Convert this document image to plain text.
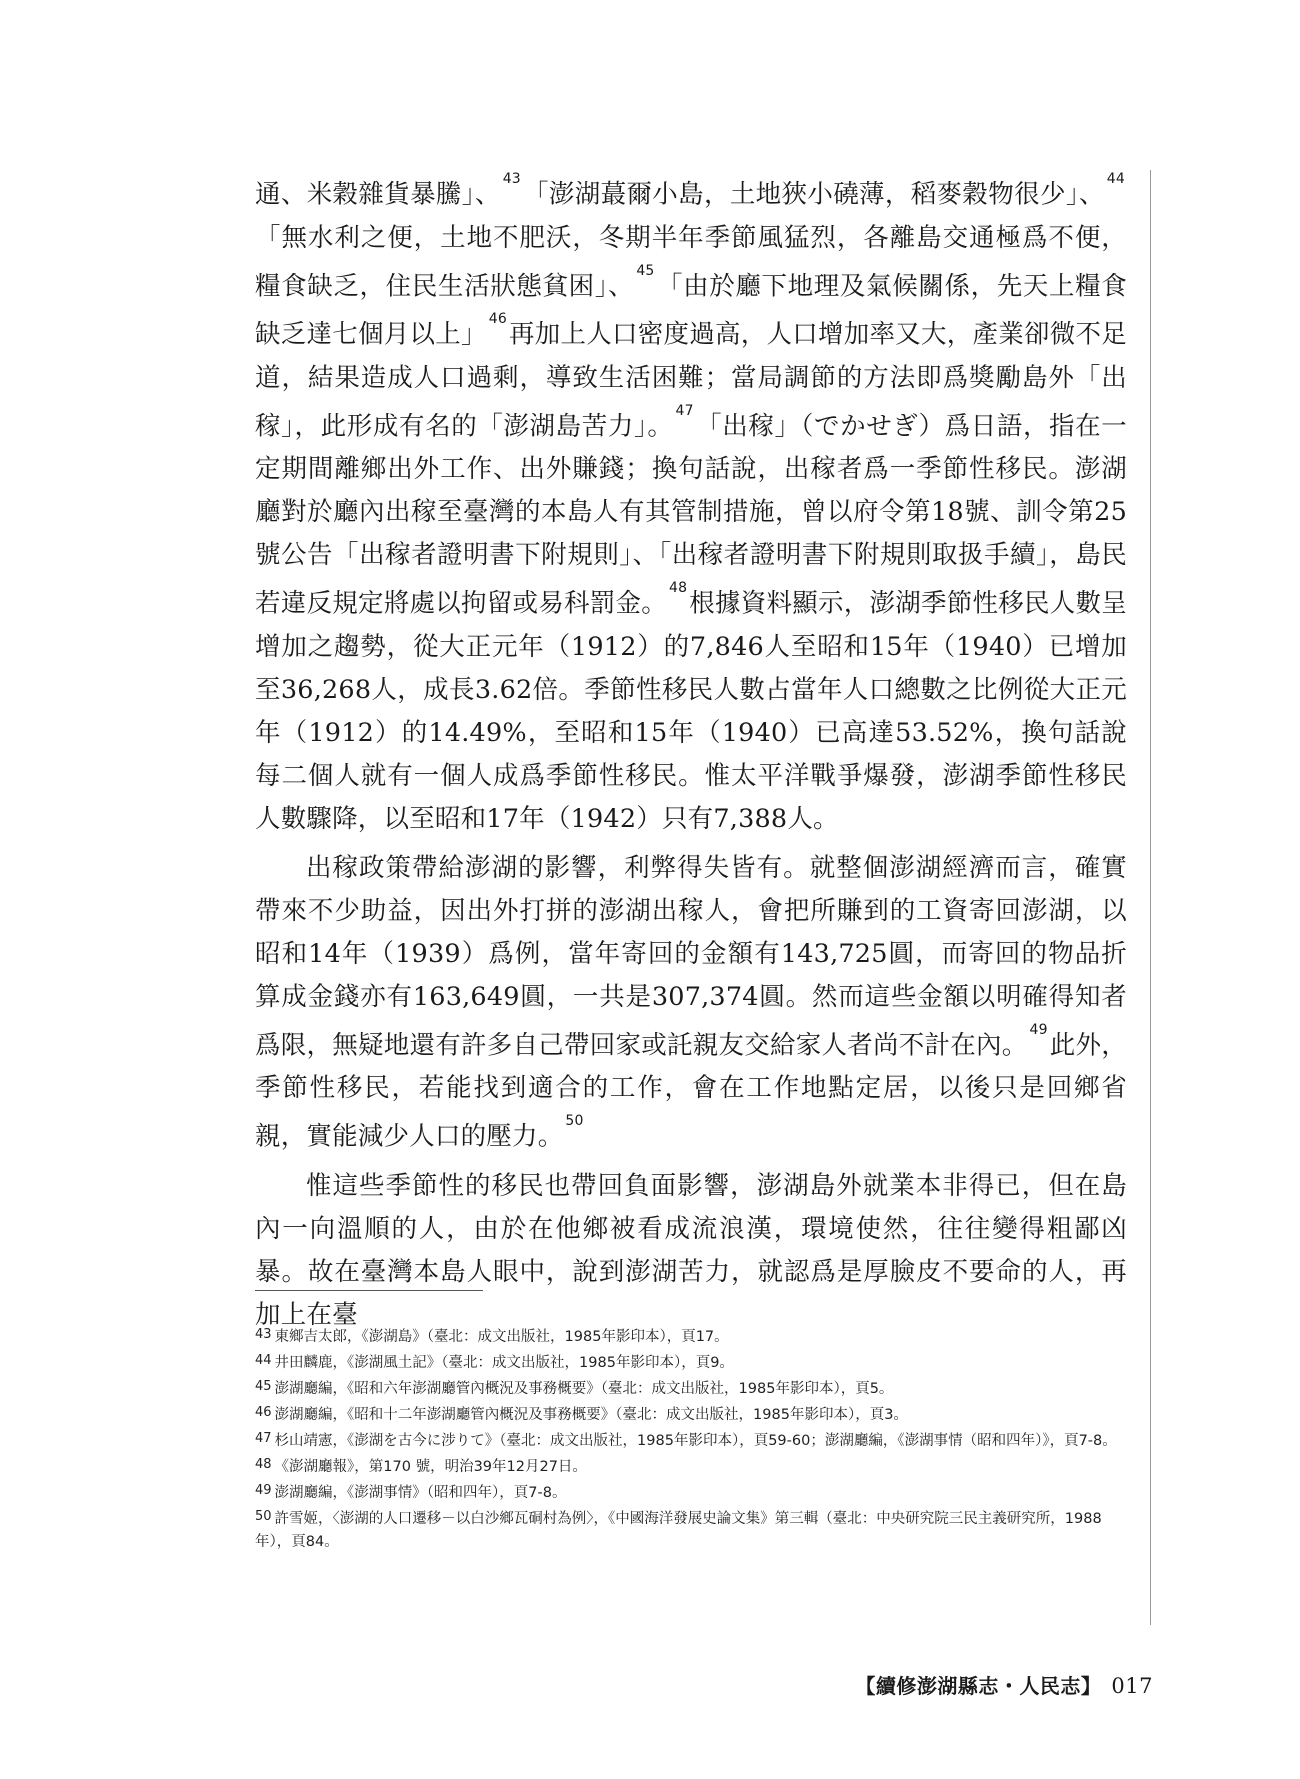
通、米穀雜貨暴騰」、$^{43}$「澎湖蕞爾小島，土地狹小磽薄，稻麥穀物很少」、$^{44}$「無水利之便，土地不肥沃，冬期半年季節風猛烈，各離島交通極爲不便，糧食缺乏，住民生活狀態貧困」、$^{45}$「由於廳下地理及氣候關係，先天上糧食缺乏達七個月以上」$^{46}$再加上人口密度過高，人口增加率又大，產業卻微不足道，結果造成人口過剩，導致生活困難；當局調節的方法即爲獎勵島外「出稼」，此形成有名的「澎湖島苦力」。$^{47}$「出稼」（でかせぎ）爲日語，指在一定期間離鄉出外工作、出外賺錢；換句話說，出稼者爲一季節性移民。澎湖廳對於廳內出稼至臺灣的本島人有其管制措施，曾以府令第18號、訓令第25號公告「出稼者證明書下附規則」、「出稼者證明書下附規則取扱手續」，島民若違反規定將處以拘留或易科罰金。$^{48}$根據資料顯示，澎湖季節性移民人數呈增加之趨勢，從大正元年（1912）的7,846人至昭和15年（1940）已增加至36,268人，成長3.62倍。季節性移民人數占當年人口總數之比例從大正元年（1912）的14.49%，至昭和15年（1940）已高達53.52%，換句話說每二個人就有一個人成爲季節性移民。惟太平洋戰爭爆發，澎湖季節性移民人數驟降，以至昭和17年（1942）只有7,388人。

出稼政策帶給澎湖的影響，利弊得失皆有。就整個澎湖經濟而言，確實帶來不少助益，因出外打拼的澎湖出稼人，會把所賺到的工資寄回澎湖，以昭和14年（1939）爲例，當年寄回的金額有143,725圓，而寄回的物品折算成金錢亦有163,649圓，一共是307,374圓。然而這些金額以明確得知者爲限，無疑地還有許多自己帶回家或託親友交給家人者尚不計在內。$^{49}$此外，季節性移民，若能找到適合的工作，會在工作地點定居，以後只是回鄉省親，實能減少人口的壓力。$^{50}$

惟這些季節性的移民也帶回負面影響，澎湖島外就業本非得已，但在島內一向溫順的人，由於在他鄉被看成流浪漢，環境使然，往往變得粗鄙凶暴。故在臺灣本島人眼中，說到澎湖苦力，就認爲是厚臉皮不要命的人，再加上在臺

43 東鄉吉太郎，《澎湖島》（臺北：成文出版社，1985年影印本），頁17。
44 井田麟鹿，《澎湖風土記》（臺北：成文出版社，1985年影印本），頁9。
45 澎湖廳編，《昭和六年澎湖廳管內概況及事務概要》（臺北：成文出版社，1985年影印本），頁5。
46 澎湖廳編，《昭和十二年澎湖廳管內概況及事務概要》（臺北：成文出版社，1985年影印本），頁3。
47 杉山靖憲，《澎湖を古今に涉りて》（臺北：成文出版社，1985年影印本），頁59-60；澎湖廳編，《澎湖事情（昭和四年）》，頁7-8。
48 《澎湖廳報》，第170 號，明治39年12月27日。
49 澎湖廳編，《澎湖事情》（昭和四年），頁7-8。
50 許雪姬，〈澎湖的人口遷移－以白沙鄉瓦硐村為例〉，《中國海洋發展史論文集》第三輯（臺北：中央研究院三民主義研究所，1988年），頁84。
【續修澎湖縣志・人民志】 017
